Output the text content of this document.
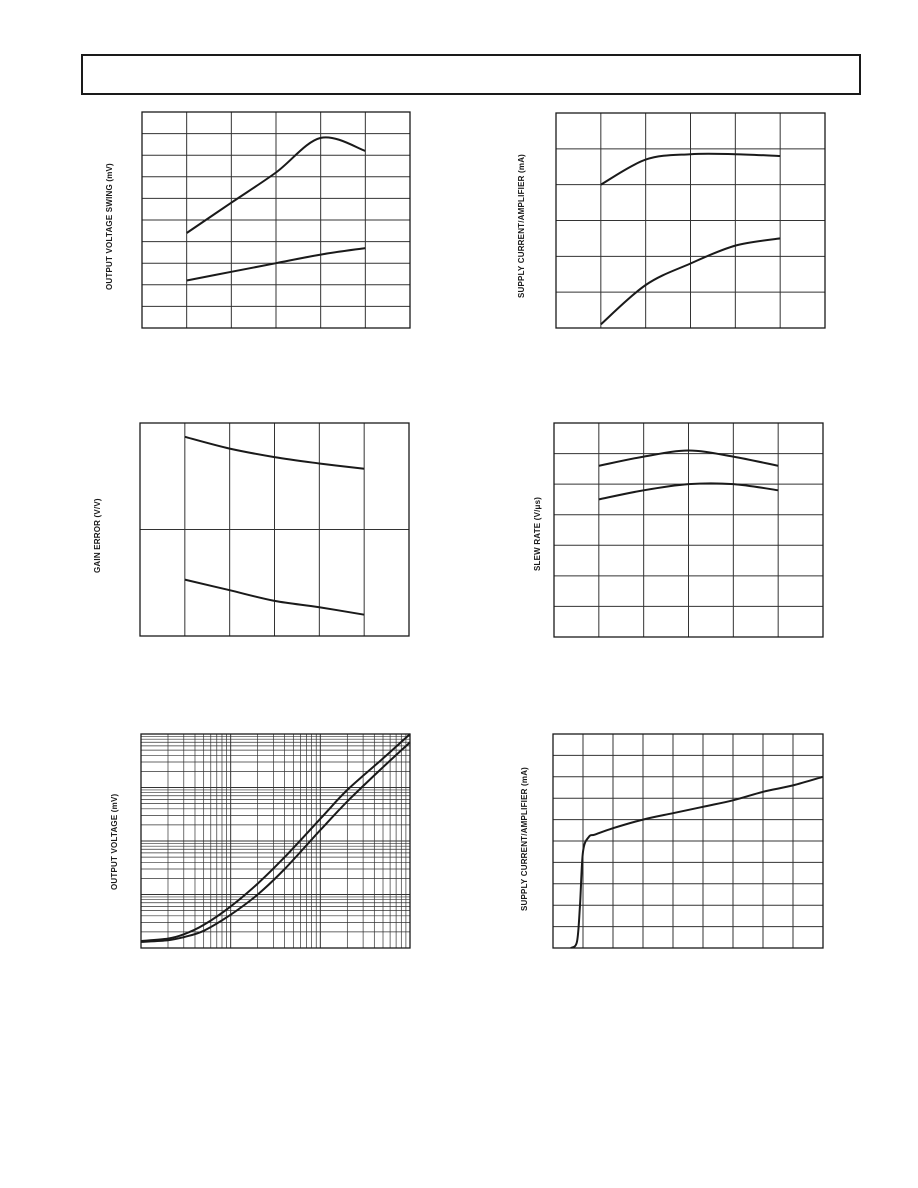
OUTPUT VOLTAGE SWING (mV)	SUPPLY CURRENT/AMPLIFIER (mA)
GAIN ERROR (V/V)	SLEW RATE (V/μs)
OUTPUT VOLTAGE (mV)	SUPPLY CURRENT/AMPLIFIER (mA)
